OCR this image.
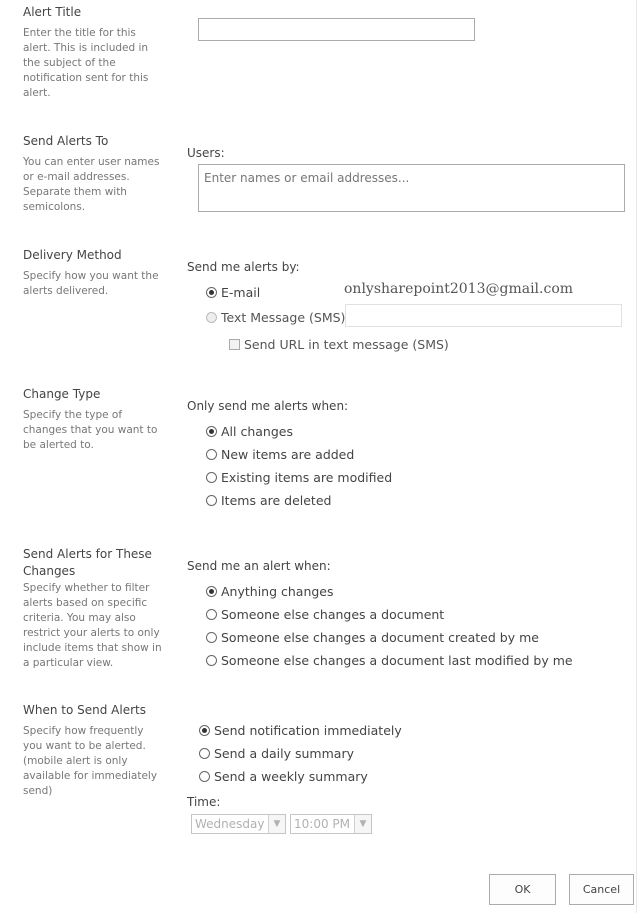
Alert Title
Enter the title for this alert. This is included in the subject of the notification sent for this alert.
Send Alerts To
You can enter user names or e-mail addresses. Separate them with semicolons.
Users:
Enter names or email addresses...
Delivery Method
Specify how you want the alerts delivered.
Send me alerts by:
E-mail	onlysharepoint2013@gmail.com
Text Message (SMS)
Send URL in text message (SMS)
Change Type
Specify the type of changes that you want to be alerted to.
Only send me alerts when:
All changes
New items are added
Existing items are modified
Items are deleted
Send Alerts for These
Changes
Specify whether to filter alerts based on specific criteria. You may also restrict your alerts to only include items that show in a particular view.
Send me an alert when:
Anything changes
Someone else changes a document
Someone else changes a document created by me
Someone else changes a document last modified by me
When to Send Alerts
Specify how frequently you want to be alerted. (mobile alert is only available for immediately send)
Send notification immediately
Send a daily summary
Send a weekly summary
Time:
Wednesday	▼	10:00 PM	▼
OK	Cancel
